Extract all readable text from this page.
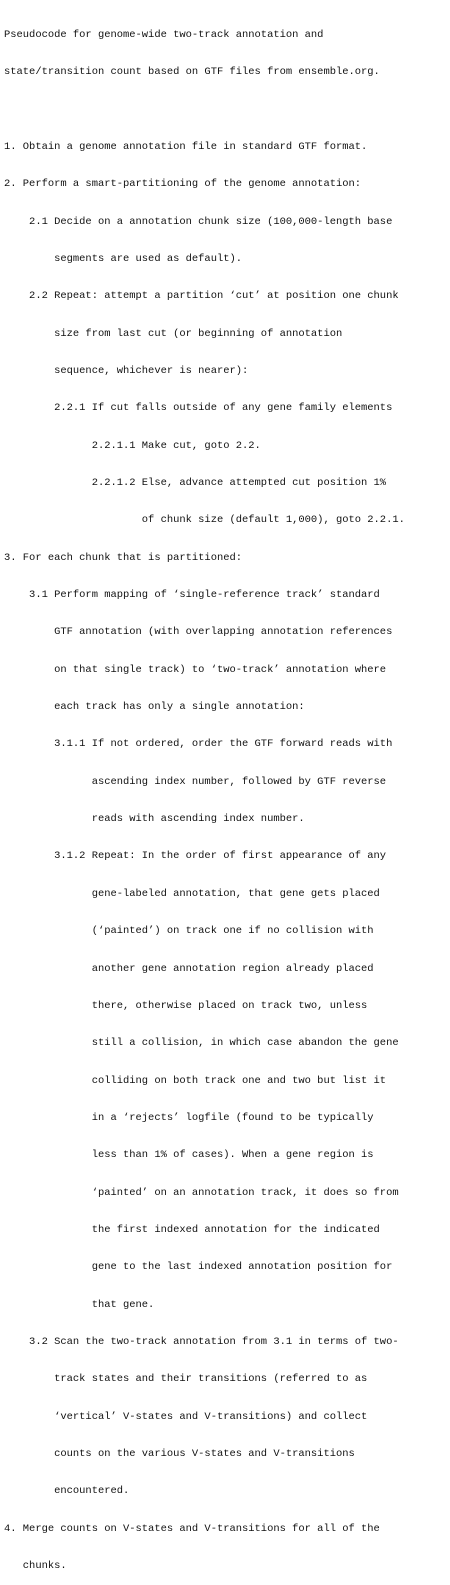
Pseudocode for genome-wide two-track annotation and

state/transition count based on GTF files from ensemble.org.

1. Obtain a genome annotation file in standard GTF format.

2. Perform a smart-partitioning of the genome annotation:

2.1 Decide on a annotation chunk size (100,000-length base

segments are used as default).

2.2 Repeat: attempt a partition ‘cut’ at position one chunk

size from last cut (or beginning of annotation

sequence, whichever is nearer):

2.2.1 If cut falls outside of any gene family elements

2.2.1.1 Make cut, goto 2.2.

2.2.1.2 Else, advance attempted cut position 1%

of chunk size (default 1,000), goto 2.2.1.

3. For each chunk that is partitioned:

3.1 Perform mapping of ‘single-reference track’ standard

GTF annotation (with overlapping annotation references

on that single track) to ‘two-track’ annotation where

each track has only a single annotation:

3.1.1 If not ordered, order the GTF forward reads with

ascending index number, followed by GTF reverse

reads with ascending index number.

3.1.2 Repeat: In the order of first appearance of any

gene-labeled annotation, that gene gets placed

(‘painted’) on track one if no collision with

another gene annotation region already placed

there, otherwise placed on track two, unless

still a collision, in which case abandon the gene

colliding on both track one and two but list it

in a ‘rejects’ logfile (found to be typically

less than 1% of cases). When a gene region is

‘painted’ on an annotation track, it does so from

the first indexed annotation for the indicated

gene to the last indexed annotation position for

that gene.

3.2 Scan the two-track annotation from 3.1 in terms of two-

track states and their transitions (referred to as

‘vertical’ V-states and V-transitions) and collect

counts on the various V-states and V-transitions

encountered.

4. Merge counts on V-states and V-transitions for all of the

chunks.
